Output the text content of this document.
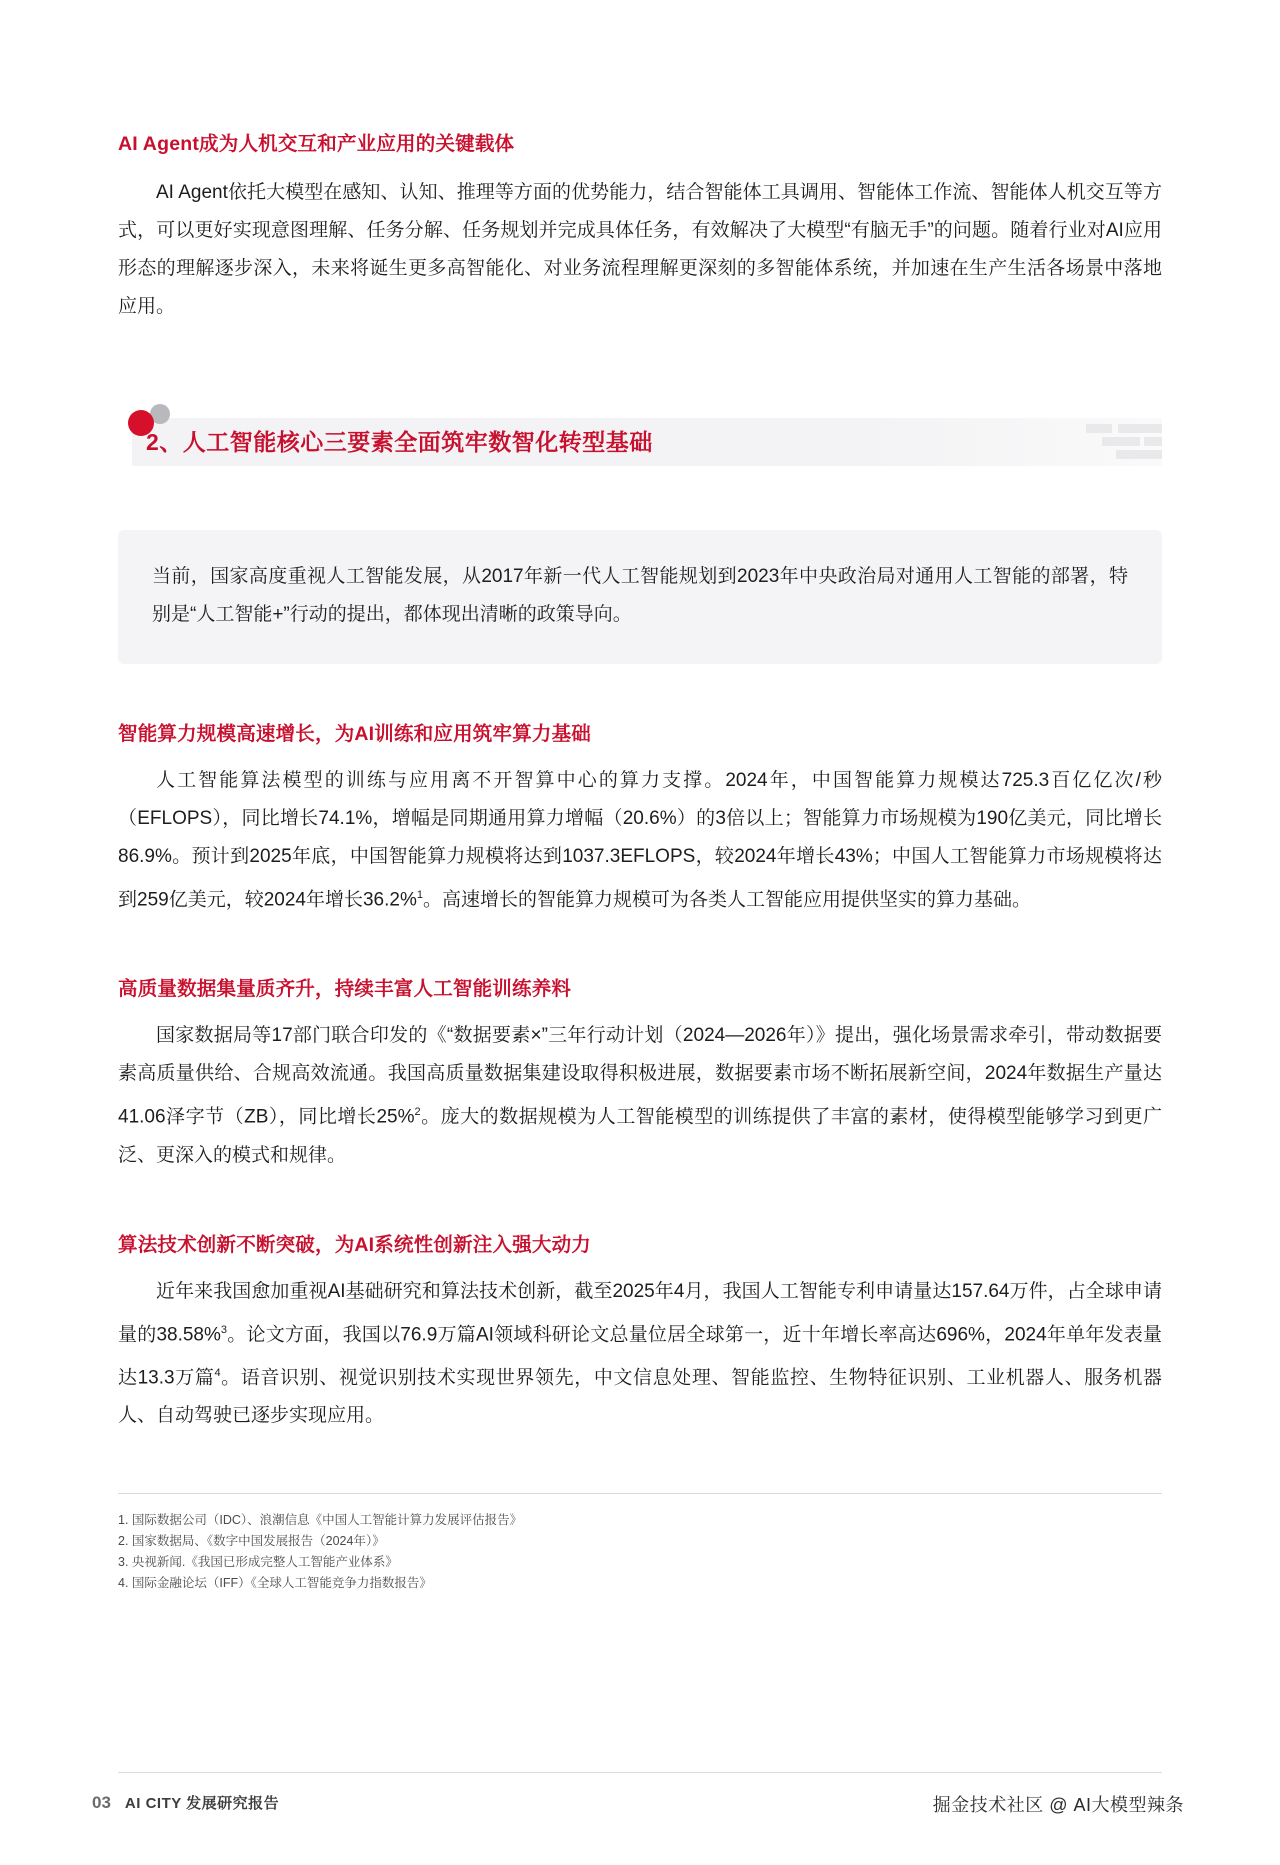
AI Agent成为人机交互和产业应用的关键载体

AI Agent依托大模型在感知、认知、推理等方面的优势能力，结合智能体工具调用、智能体工作流、智能体人机交互等方式，可以更好实现意图理解、任务分解、任务规划并完成具体任务，有效解决了大模型“有脑无手”的问题。随着行业对AI应用形态的理解逐步深入，未来将诞生更多高智能化、对业务流程理解更深刻的多智能体系统，并加速在生产生活各场景中落地应用。

2、人工智能核心三要素全面筑牢数智化转型基础

当前，国家高度重视人工智能发展，从2017年新一代人工智能规划到2023年中央政治局对通用人工智能的部署，特别是“人工智能+”行动的提出，都体现出清晰的政策导向。

智能算力规模高速增长，为AI训练和应用筑牢算力基础

人工智能算法模型的训练与应用离不开智算中心的算力支撑。2024年，中国智能算力规模达725.3百亿亿次/秒（EFLOPS），同比增长74.1%，增幅是同期通用算力增幅（20.6%）的3倍以上；智能算力市场规模为190亿美元，同比增长86.9%。预计到2025年底，中国智能算力规模将达到1037.3EFLOPS，较2024年增长43%；中国人工智能算力市场规模将达到259亿美元，较2024年增长36.2%$^1$。高速增长的智能算力规模可为各类人工智能应用提供坚实的算力基础。

高质量数据集量质齐升，持续丰富人工智能训练养料

国家数据局等17部门联合印发的《“数据要素×”三年行动计划（2024—2026年）》提出，强化场景需求牵引，带动数据要素高质量供给、合规高效流通。我国高质量数据集建设取得积极进展，数据要素市场不断拓展新空间，2024年数据生产量达41.06泽字节（ZB），同比增长25%$^2$。庞大的数据规模为人工智能模型的训练提供了丰富的素材，使得模型能够学习到更广泛、更深入的模式和规律。

算法技术创新不断突破，为AI系统性创新注入强大动力

近年来我国愈加重视AI基础研究和算法技术创新，截至2025年4月，我国人工智能专利申请量达157.64万件，占全球申请量的38.58%$^3$。论文方面，我国以76.9万篇AI领域科研论文总量位居全球第一，近十年增长率高达696%，2024年单年发表量达13.3万篇$^4$。语音识别、视觉识别技术实现世界领先，中文信息处理、智能监控、生物特征识别、工业机器人、服务机器人、自动驾驶已逐步实现应用。

1. 国际数据公司（IDC）、浪潮信息《中国人工智能计算力发展评估报告》
2. 国家数据局、《数字中国发展报告（2024年）》
3. 央视新闻.《我国已形成完整人工智能产业体系》
4. 国际金融论坛（IFF）《全球人工智能竞争力指数报告》
03 AI CITY 发展研究报告	掘金技术社区 @ AI大模型辣条
